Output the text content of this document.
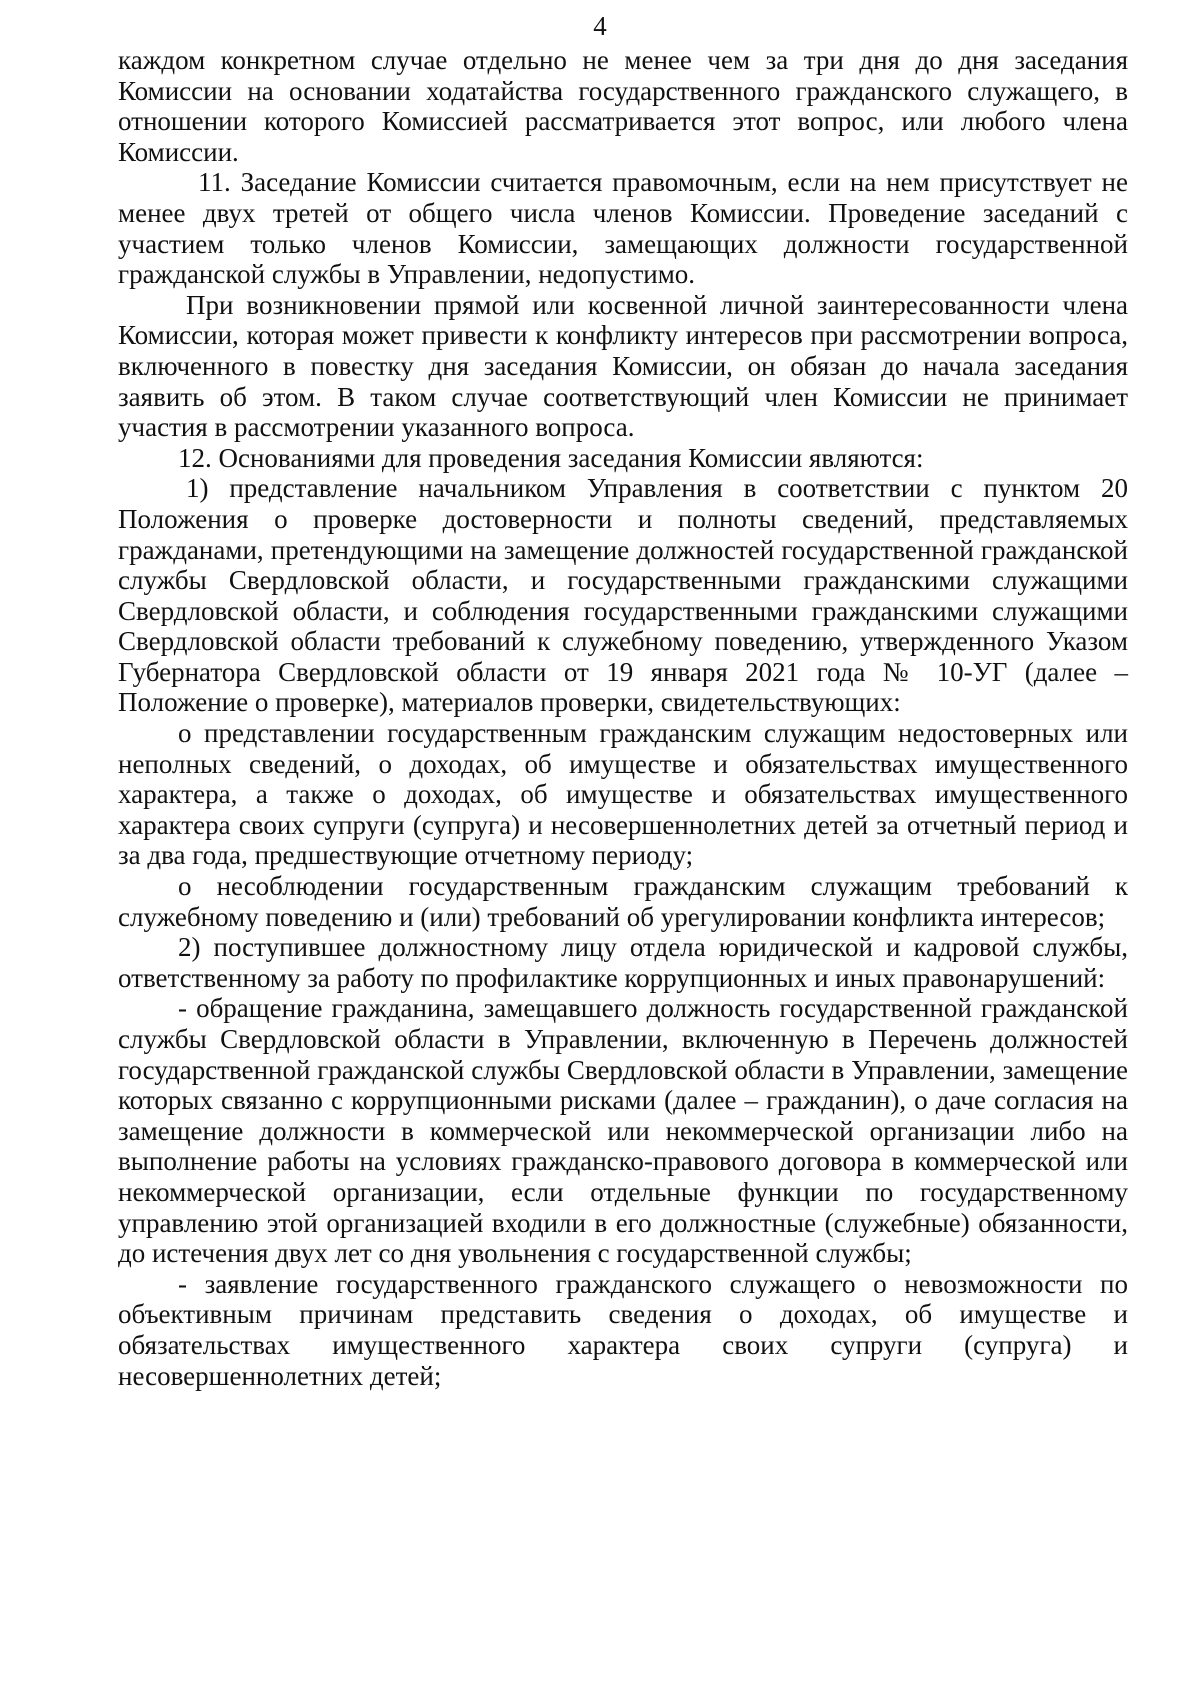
4

каждом конкретном случае отдельно не менее чем за три дня до дня заседания Комиссии на основании ходатайства государственного гражданского служащего, в отношении которого Комиссией рассматривается этот вопрос, или любого члена Комиссии.

11. Заседание Комиссии считается правомочным, если на нем присутствует не менее двух третей от общего числа членов Комиссии. Проведение заседаний с участием только членов Комиссии, замещающих должности государственной гражданской службы в Управлении, недопустимо.

При возникновении прямой или косвенной личной заинтересованности члена Комиссии, которая может привести к конфликту интересов при рассмотрении вопроса, включенного в повестку дня заседания Комиссии, он обязан до начала заседания заявить об этом. В таком случае соответствующий член Комиссии не принимает участия в рассмотрении указанного вопроса.

12. Основаниями для проведения заседания Комиссии являются:

1) представление начальником Управления в соответствии с пунктом 20 Положения о проверке достоверности и полноты сведений, представляемых гражданами, претендующими на замещение должностей государственной гражданской службы Свердловской области, и государственными гражданскими служащими Свердловской области, и соблюдения государственными гражданскими служащими Свердловской области требований к служебному поведению, утвержденного Указом Губернатора Свердловской области от 19 января 2021 года № 10-УГ (далее – Положение о проверке), материалов проверки, свидетельствующих:

о представлении государственным гражданским служащим недостоверных или неполных сведений, о доходах, об имуществе и обязательствах имущественного характера, а также о доходах, об имуществе и обязательствах имущественного характера своих супруги (супруга) и несовершеннолетних детей за отчетный период и за два года, предшествующие отчетному периоду;

о несоблюдении государственным гражданским служащим требований к служебному поведению и (или) требований об урегулировании конфликта интересов;

2) поступившее должностному лицу отдела юридической и кадровой службы, ответственному за работу по профилактике коррупционных и иных правонарушений:

- обращение гражданина, замещавшего должность государственной гражданской службы Свердловской области в Управлении, включенную в Перечень должностей государственной гражданской службы Свердловской области в Управлении, замещение которых связанно с коррупционными рисками (далее – гражданин), о даче согласия на замещение должности в коммерческой или некоммерческой организации либо на выполнение работы на условиях гражданско-правового договора в коммерческой или некоммерческой организации, если отдельные функции по государственному управлению этой организацией входили в его должностные (служебные) обязанности, до истечения двух лет со дня увольнения с государственной службы;

- заявление государственного гражданского служащего о невозможности по объективным причинам представить сведения о доходах, об имуществе и обязательствах имущественного характера своих супруги (супруга) и несовершеннолетних детей;
